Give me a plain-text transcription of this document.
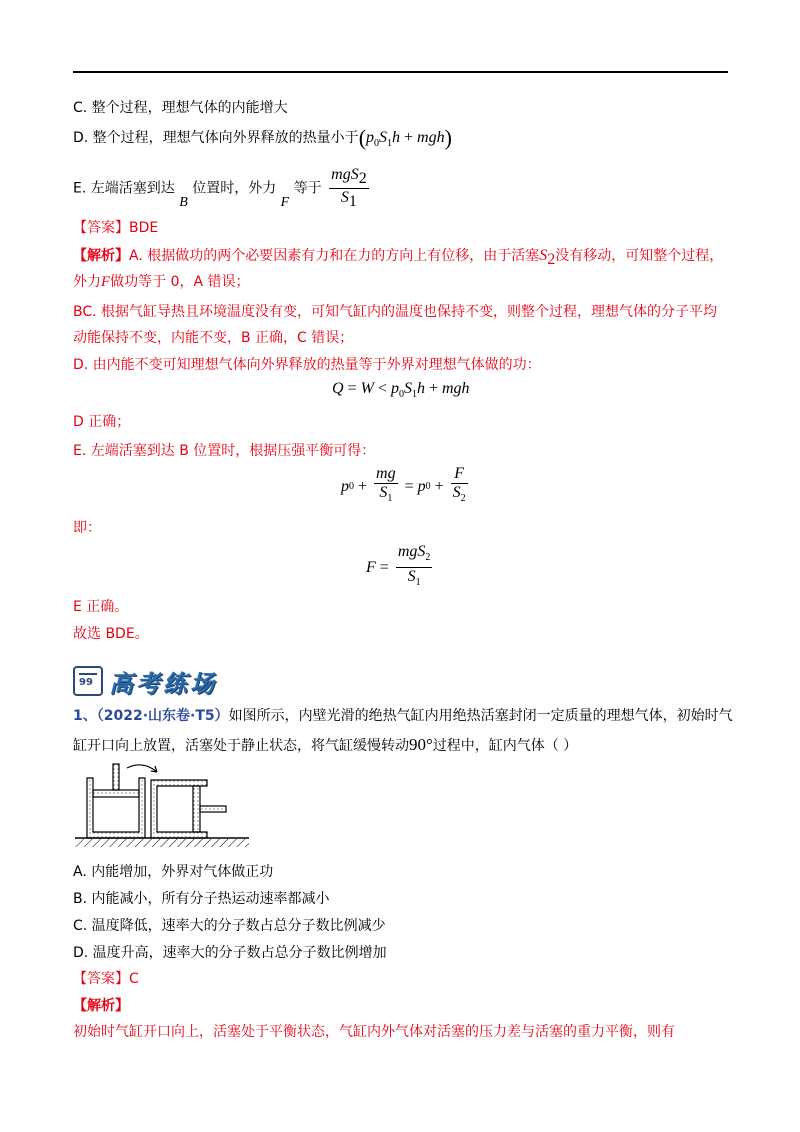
C. 整个过程，理想气体的内能增大
D. 整个过程，理想气体向外界释放的热量小于$(p_0S_1h + mgh)$
E. 左端活塞到达 B 位置时，外力 F 等于 $\frac{mgS_2}{S_1}$
【答案】BDE
【解析】A. 根据做功的两个必要因素有力和在力的方向上有位移，由于活塞$S_2$没有移动，可知整个过程，
外力F做功等于 0，A 错误；
BC. 根据气缸导热且环境温度没有变，可知气缸内的温度也保持不变，则整个过程，理想气体的分子平均
动能保持不变，内能不变，B 正确，C 错误；
D. 由内能不变可知理想气体向外界释放的热量等于外界对理想气体做的功：
$Q = W < p_0S_1h$ + mgh
D 正确；
E. 左端活塞到达 B 位置时，根据压强平衡可得：
p $0 + \frac{mg}{S_1} = p$ $0 + \frac{F}{S_2}$
即：
$F = \frac{mgS_2}{S_1}$
E 正确。
故选 BDE。
99 高考练场
1、（2022·山东卷·T5）如图所示，内壁光滑的绝热气缸内用绝热活塞封闭一定质量的理想气体，初始时气
缸开口向上放置，活塞处于静止状态，将气缸缓慢转动90°过程中，缸内气体（ ）
A. 内能增加，外界对气体做正功
B. 内能减小，所有分子热运动速率都减小
C. 温度降低，速率大的分子数占总分子数比例减少
D. 温度升高，速率大的分子数占总分子数比例增加
【答案】C
【解析】
初始时气缸开口向上，活塞处于平衡状态，气缸内外气体对活塞的压力差与活塞的重力平衡，则有
